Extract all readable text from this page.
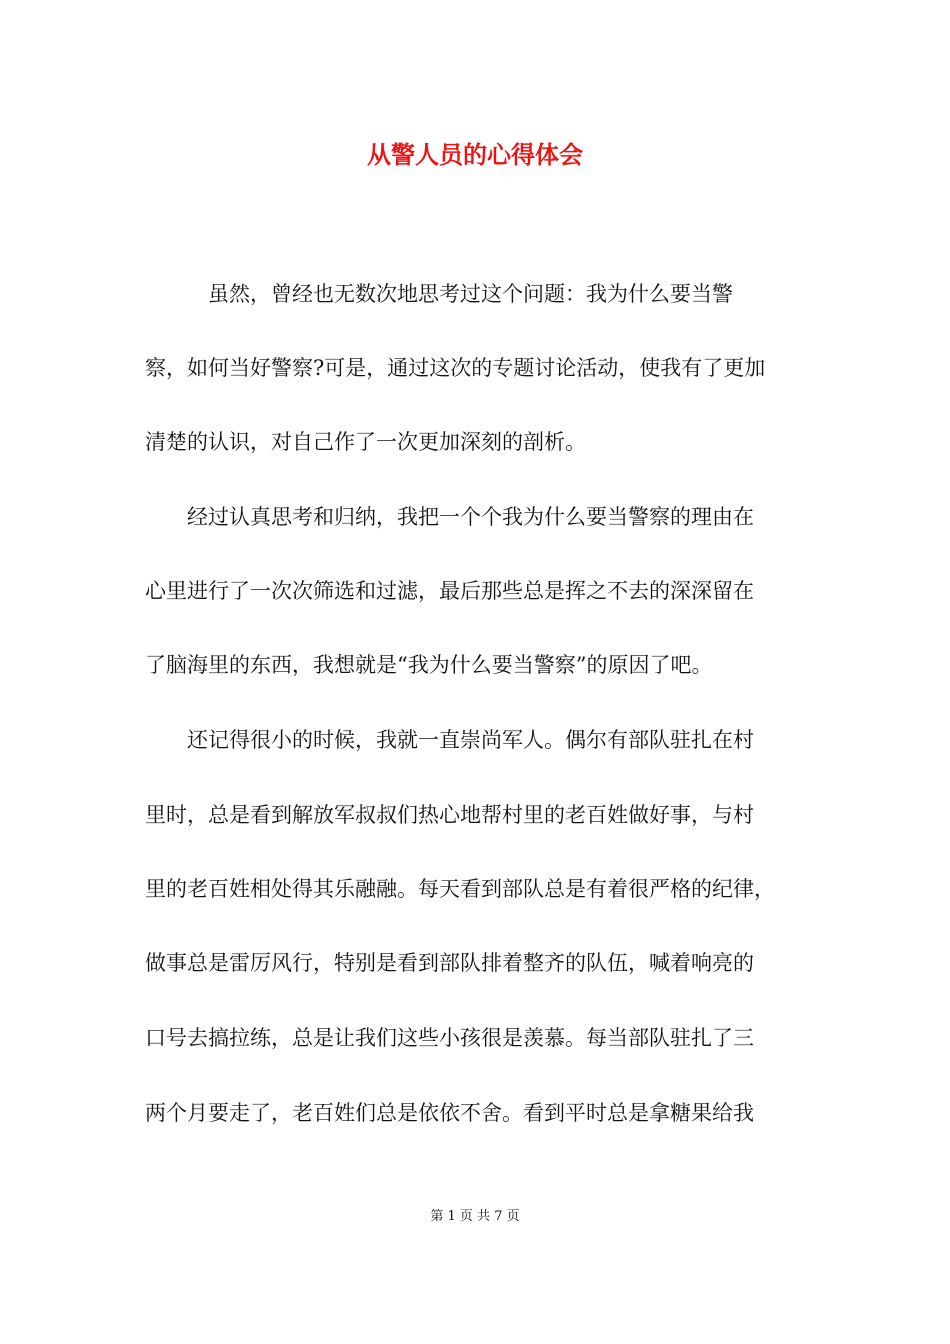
从警人员的心得体会
　　　虽然，曾经也无数次地思考过这个问题：我为什么要当警
察，如何当好警察?可是，通过这次的专题讨论活动，使我有了更加
清楚的认识，对自己作了一次更加深刻的剖析。
　　经过认真思考和归纳，我把一个个我为什么要当警察的理由在
心里进行了一次次筛选和过滤，最后那些总是挥之不去的深深留在
了脑海里的东西，我想就是“我为什么要当警察”的原因了吧。
　　还记得很小的时候，我就一直崇尚军人。偶尔有部队驻扎在村
里时，总是看到解放军叔叔们热心地帮村里的老百姓做好事，与村
里的老百姓相处得其乐融融。每天看到部队总是有着很严格的纪律，
做事总是雷厉风行，特别是看到部队排着整齐的队伍，喊着响亮的
口号去搞拉练，总是让我们这些小孩很是羡慕。每当部队驻扎了三
两个月要走了，老百姓们总是依依不舍。看到平时总是拿糖果给我
第 1 页 共 7 页
